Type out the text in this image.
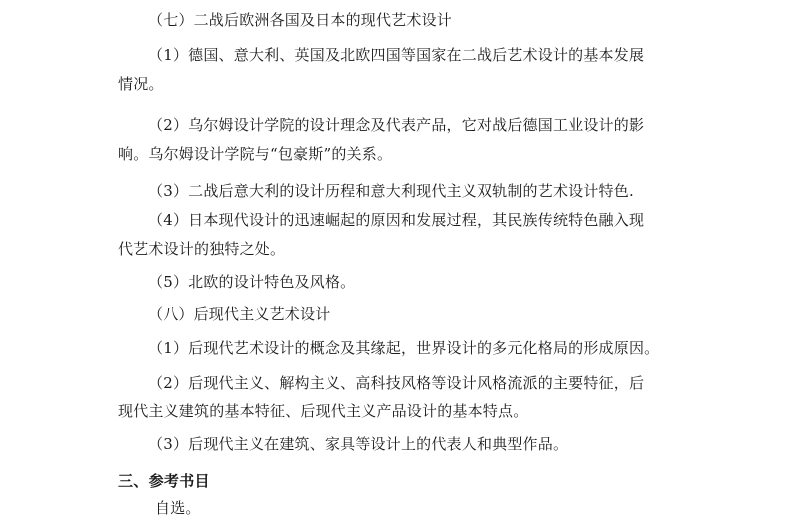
（七）二战后欧洲各国及日本的现代艺术设计
（1）德国、意大利、英国及北欧四国等国家在二战后艺术设计的基本发展
情况。
（2）乌尔姆设计学院的设计理念及代表产品，它对战后德国工业设计的影
响。乌尔姆设计学院与“包豪斯”的关系。
（3）二战后意大利的设计历程和意大利现代主义双轨制的艺术设计特色.
（4）日本现代设计的迅速崛起的原因和发展过程，其民族传统特色融入现
代艺术设计的独特之处。
（5）北欧的设计特色及风格。
（八）后现代主义艺术设计
（1）后现代艺术设计的概念及其缘起，世界设计的多元化格局的形成原因。
（2）后现代主义、解构主义、高科技风格等设计风格流派的主要特征，后
现代主义建筑的基本特征、后现代主义产品设计的基本特点。
（3）后现代主义在建筑、家具等设计上的代表人和典型作品。
三、参考书目
自选。
